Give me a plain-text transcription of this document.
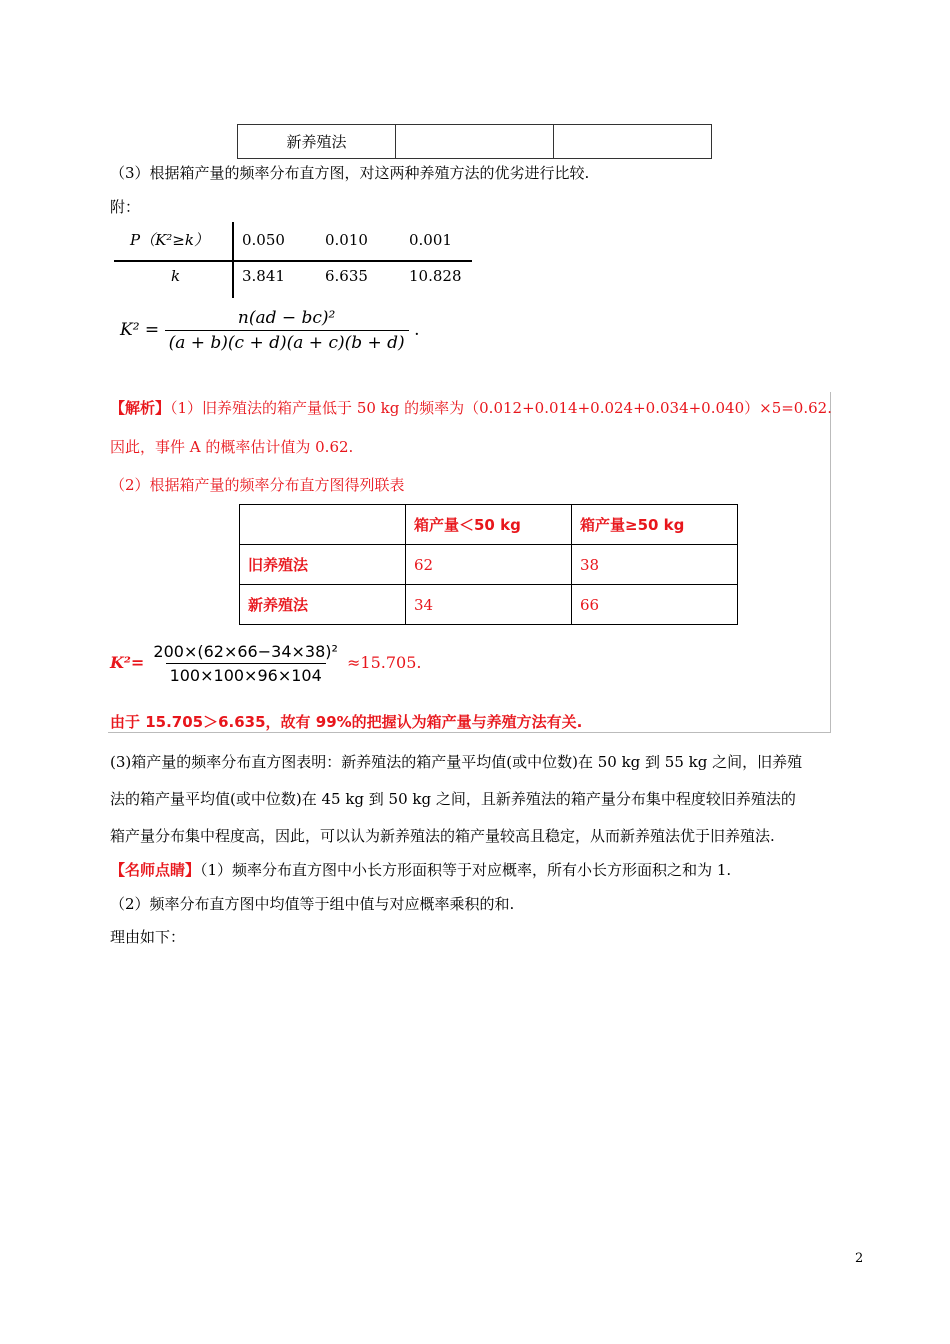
新养殖法		
（3）根据箱产量的频率分布直方图，对这两种养殖方法的优劣进行比较.
附：
P（K²≥k） 0.050	0.010	0.001
k	3.841	6.635	10.828
$K^2 = \frac{\text{n(ad − bc)²}}{(a + b)(c + d)(a + c)(b + d)}$ .
【解析】（1）旧养殖法的箱产量低于 50 kg 的频率为（0.012+0.014+0.024+0.034+0.040）×5=0.62.
因此，事件 A 的概率估计值为 0.62.
（2）根据箱产量的频率分布直方图得列联表
	箱产量＜50 kg	箱产量≥50 kg
旧养殖法	62	38
新养殖法	34	66
$K^2= \frac{\text{200×(62×66−34×38)²}}{100\times 100\times 96\times 104} \approx 15.705$.
由于 15.705＞6.635，故有 99%的把握认为箱产量与养殖方法有关.
(3)箱产量的频率分布直方图表明：新养殖法的箱产量平均值(或中位数)在 50 kg 到 55 kg 之间，旧养殖
法的箱产量平均值(或中位数)在 45 kg 到 50 kg 之间，且新养殖法的箱产量分布集中程度较旧养殖法的
箱产量分布集中程度高，因此，可以认为新养殖法的箱产量较高且稳定，从而新养殖法优于旧养殖法.
【名师点睛】（1）频率分布直方图中小长方形面积等于对应概率，所有小长方形面积之和为 1.
（2）频率分布直方图中均值等于组中值与对应概率乘积的和.
理由如下：
2
